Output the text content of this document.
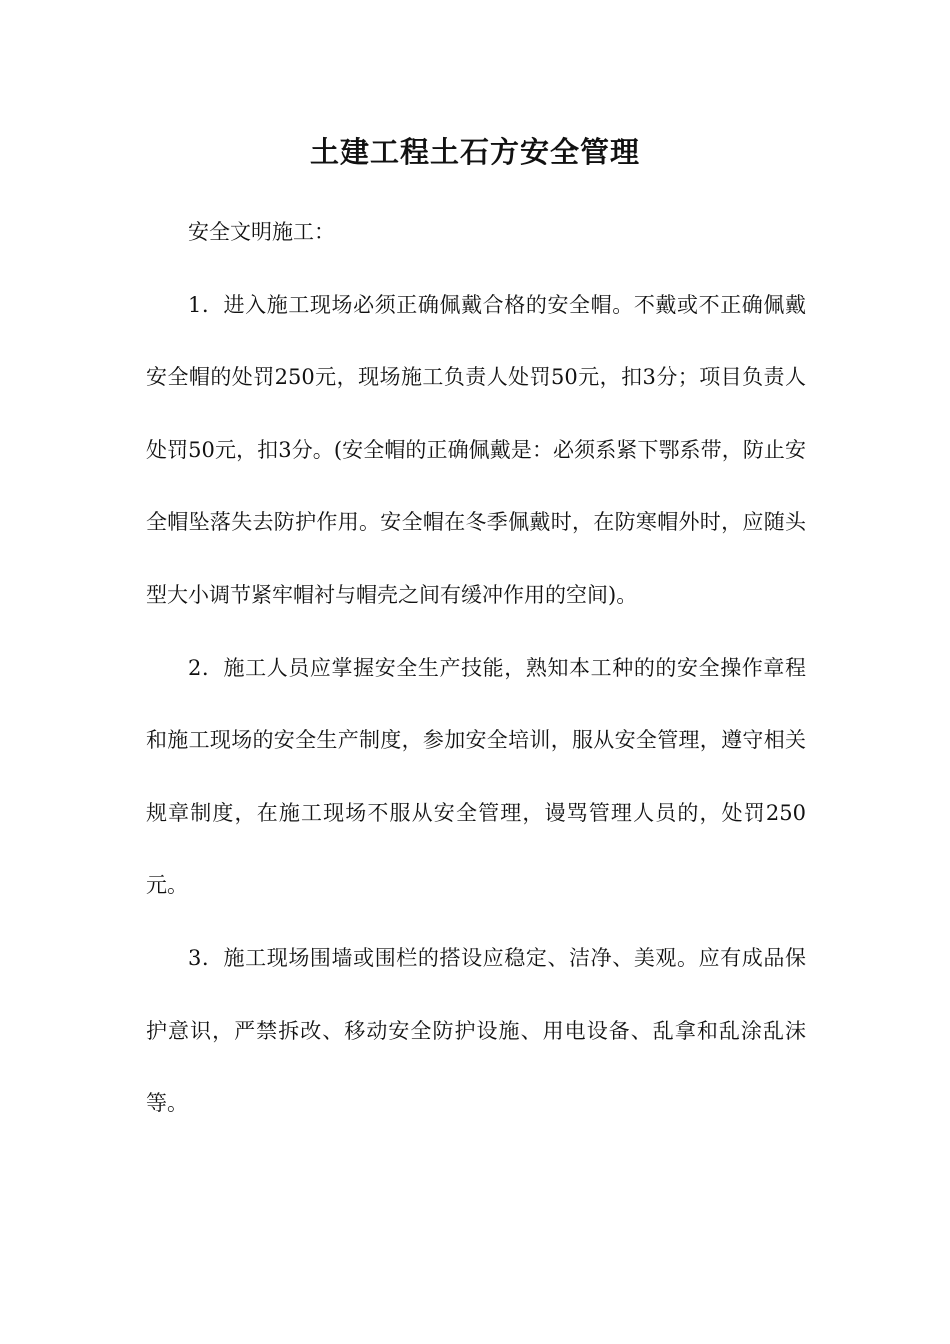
土建工程土石方安全管理

安全文明施工：

1．进入施工现场必须正确佩戴合格的安全帽。不戴或不正确佩戴安全帽的处罚250元，现场施工负责人处罚50元，扣3分；项目负责人处罚50元，扣3分。(安全帽的正确佩戴是：必须系紧下鄂系带，防止安全帽坠落失去防护作用。安全帽在冬季佩戴时，在防寒帽外时，应随头型大小调节紧牢帽衬与帽壳之间有缓冲作用的空间)。

2．施工人员应掌握安全生产技能，熟知本工种的的安全操作章程和施工现场的安全生产制度，参加安全培训，服从安全管理，遵守相关规章制度，在施工现场不服从安全管理，谩骂管理人员的，处罚250元。

3．施工现场围墙或围栏的搭设应稳定、洁净、美观。应有成品保护意识，严禁拆改、移动安全防护设施、用电设备、乱拿和乱涂乱沫等。
